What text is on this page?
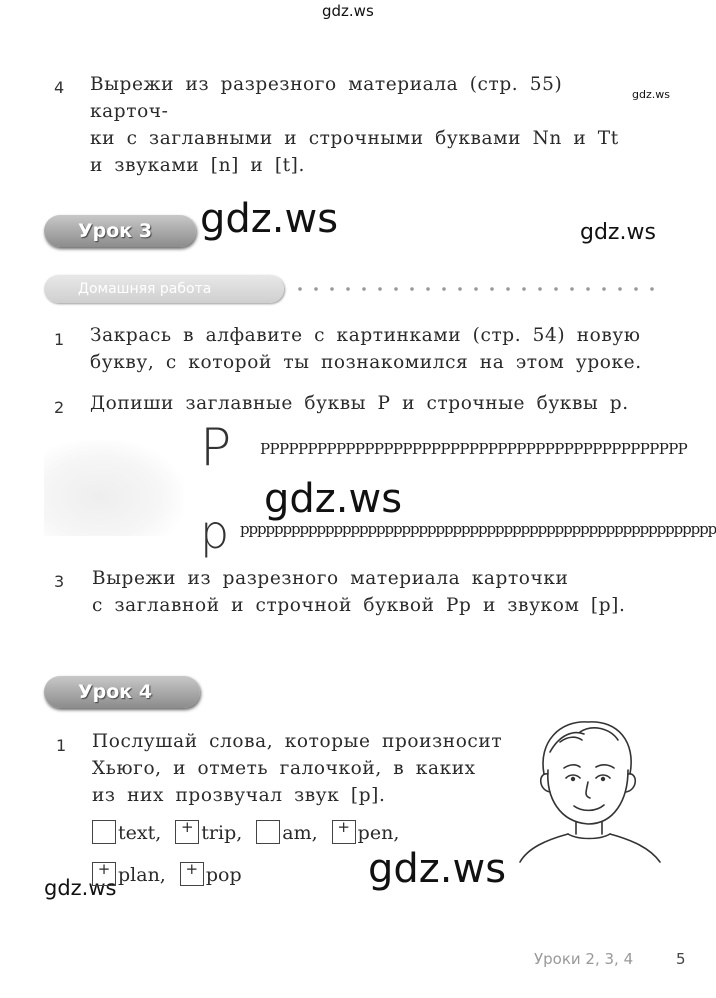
gdz.ws
gdz.ws
gdz.ws	gdz.ws
gdz.ws
gdz.ws	gdz.ws
4 Вырежи из разрезного материала (стр. 55) карточ-
ки с заглавными и строчными буквами Nn и Tt
и звуками [n] и [t].
Урок 3
Домашняя работа
1 Закрась в алфавите с картинками (стр. 54) новую
букву, с которой ты познакомился на этом уроке.
2 Допиши заглавные буквы P и строчные буквы p.
P PPPPPPPPPPPPPPPPPPPPPPPPPPPPPPPPPPPPPPPPPPPPP
p pppppppppppppppppppppppppppppppppppppppppppppppppppppppp
3 Вырежи из разрезного материала карточки
с заглавной и строчной буквой Pp и звуком [p].
Урок 4
1 Послушай слова, которые произносит
Хьюго, и отметь галочкой, в каких
из них прозвучал звук [p].
text,	+ trip, am,	+ pen,
+ plan,	+ pop
Уроки 2, 3, 4	5
